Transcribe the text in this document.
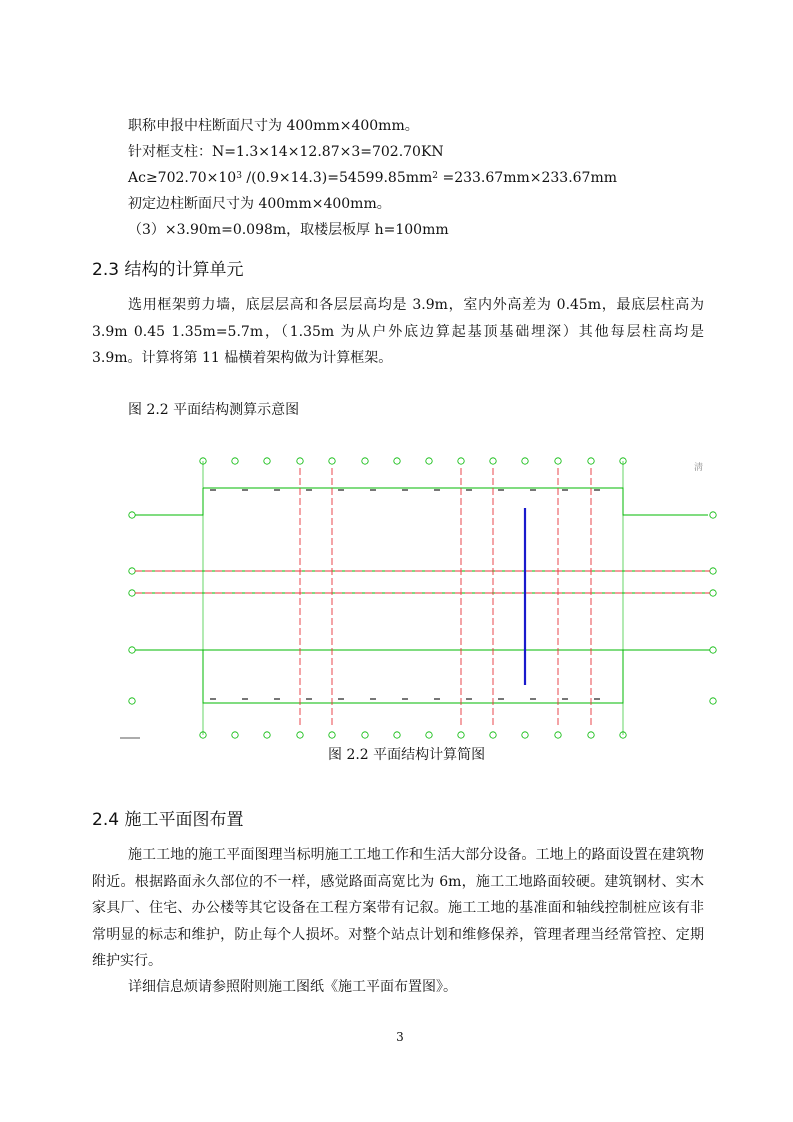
职称申报中柱断面尺寸为 400mm×400mm。
针对框支柱：N=1.3×14×12.87×3=702.70KN
$Ac\ge 702.70\times 10^3$ $/(0.9\times 14.3)=54599.85mm^2 =233.67mm\times 233.67mm$
初定边柱断面尺寸为 400mm×400mm。
（3）×3.90m=0.098m，取楼层板厚 h=100mm
2.3 结构的计算单元

选用框架剪力墙，底层层高和各层层高均是 3.9m，室内外高差为 0.45m，最底层柱高为 3.9m 0.45 1.35m=5.7m，（1.35m 为从户外底边算起基顶基础埋深）其他每层柱高均是 3.9m。计算将第 11 榀横着架构做为计算框架。

图 2.2 平面结构测算示意图
淸
图 2.2 平面结构计算简图
2.4 施工平面图布置

施工工地的施工平面图理当标明施工工地工作和生活大部分设备。工地上的路面设置在建筑物附近。根据路面永久部位的不一样，感觉路面高宽比为 6m，施工工地路面较硬。建筑钢材、实木家具厂、住宅、办公楼等其它设备在工程方案带有记叙。施工工地的基准面和轴线控制桩应该有非常明显的标志和维护，防止每个人损坏。对整个站点计划和维修保养，管理者理当经常管控、定期维护实行。

详细信息烦请参照附则施工图纸《施工平面布置图》。

3
